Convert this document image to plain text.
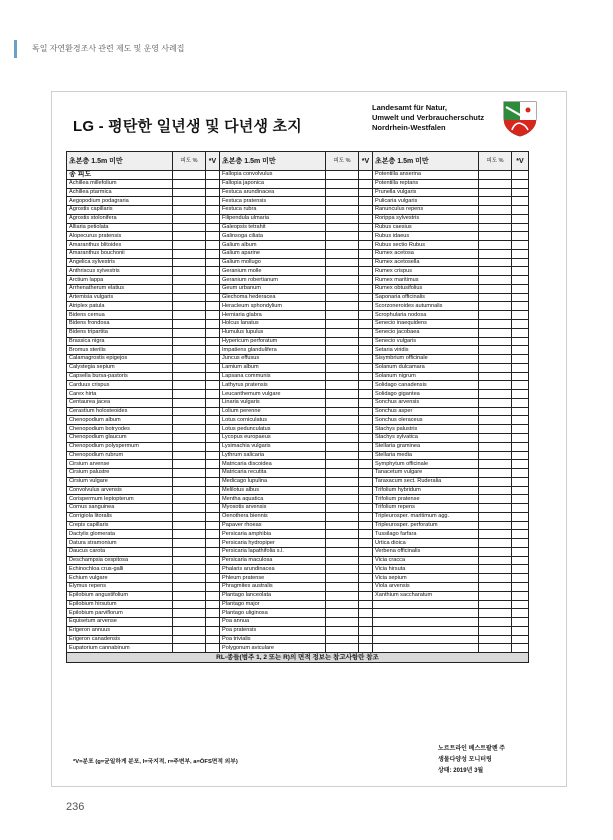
독일 자연환경조사 관련 제도 및 운영 사례집
LG - 평탄한 일년생 및 다년생 초지
Landesamt für Natur,
Umwelt und Verbraucherschutz
Nordrhein-Westfalen
초본층 1.5m 미만	피도 %	*V	초본층 1.5m 미만	피도 %	*V	초본층 1.5m 미만	피도 %	*V
종 피도			Fallopia convolvulus			Potentilla anserina		
Achillea millefolium			Fallopia japonica			Potentilla reptans		
Achillea ptarmica			Festuca arundinacea			Prunella vulgaris		
Aegopodium podagraria			Festuca pratensis			Pulicaria vulgaris		
Agrostis capillaris			Festuca rubra			Ranunculus repens		
Agrostis stolonifera			Filipendula ulmaria			Rorippa sylvestris		
Alliaria petiolata			Galeopsis tetrahit			Rubus caesius		
Alopecurus pratensis			Galinsoga ciliata			Rubus idaeus		
Amaranthus blitoides			Galium album			Rubus sectio Rubus		
Amaranthus bouchonii			Galium aparine			Rumex acetosa		
Angelica sylvestris			Galium mollugo			Rumex acetosella		
Anthriscus sylvestris			Geranium molle			Rumex crispus		
Arctium lappa			Geranium robertianum			Rumex maritimus		
Arrhenatherum elatius			Geum urbanum			Rumex obtusifolius		
Artemisia vulgaris			Glechoma hederacea			Saponaria officinalis		
Atriplex patula			Heracleum sphondylium			Scorzoneroides autumnalis		
Bidens cernua			Herniaria glabra			Scrophularia nodosa		
Bidens frondosa			Holcus lanatus			Senecio inaequidens		
Bidens tripartita			Humulus lupulus			Senecio jacobaea		
Brassica nigra			Hypericum perforatum			Senecio vulgaris		
Bromus sterilis			Impatiens glandulifera			Setaria viridis		
Calamagrostis epigejos			Juncus effusus			Sisymbrium officinale		
Calystegia sepium			Lamium album			Solanum dulcamara		
Capsella bursa-pastoris			Lapsana communis			Solanum nigrum		
Carduus crispus			Lathyrus pratensis			Solidago canadensis		
Carex hirta			Leucanthemum vulgare			Solidago gigantea		
Centaurea jacea			Linaria vulgaris			Sonchus arvensis		
Cerastium holosteoides			Lolium perenne			Sonchus asper		
Chenopodium album			Lotus corniculatus			Sonchus oleraceus		
Chenopodium botryodes			Lotus pedunculatus			Stachys palustris		
Chenopodium glaucum			Lycopus europaeus			Stachys sylvatica		
Chenopodium polyspermum			Lysimachia vulgaris			Stellaria graminea		
Chenopodium rubrum			Lythrum salicaria			Stellaria media		
Cirsium arvense			Matricaria discoidea			Symphytum officinale		
Cirsium palustre			Matricaria recutita			Tanacetum vulgare		
Cirsium vulgare			Medicago lupulina			Taraxacum sect. Ruderalia		
Convolvulus arvensis			Melilotus albus			Trifolium hybridum		
Corispermum leptopterum			Mentha aquatica			Trifolium pratense		
Cornus sanguinea			Myosotis arvensis			Trifolium repens		
Corrigiola litoralis			Oenothera biennis			Tripleurosper. maritimum agg.		
Crepis capillaris			Papaver rhoeas			Tripleurosper. perforatum		
Dactylis glomerata			Persicaria amphibia			Tussilago farfara		
Datura stramonium			Persicaria hydropiper			Urtica dioica		
Daucus carota			Persicaria lapathifolia s.l.			Verbena officinalis		
Deschampsia cespitosa			Persicaria maculosa			Vicia cracca		
Echinochloa crus-galli			Phalaris arundinacea			Vicia hirsuta		
Echium vulgare			Phleum pratense			Vicia sepium		
Elymus repens			Phragmites australis			Viola arvensis		
Epilobium angustifolium			Plantago lanceolata			Xanthium saccharatum		
Epilobium hirsutum			Plantago major					
Epilobium parviflorum			Plantago uliginosa					
Equisetum arvense			Poa annua					
Erigeron annuus			Poa pratensis					
Erigeron canadensis			Poa trivialis					
Eupatorium cannabinum			Polygonum aviculare					
RL-종들(범주 1, 2 또는 R)의 면적 정보는 참고사항란 참조								
*V=분포 (g=균일하게 분포, l=국지적, r=주변부, a=ÖFS면적 외부)
노르트라인 베스트팔렌 주
생물다양성 모니터링
상태: 2019년 3월
236
